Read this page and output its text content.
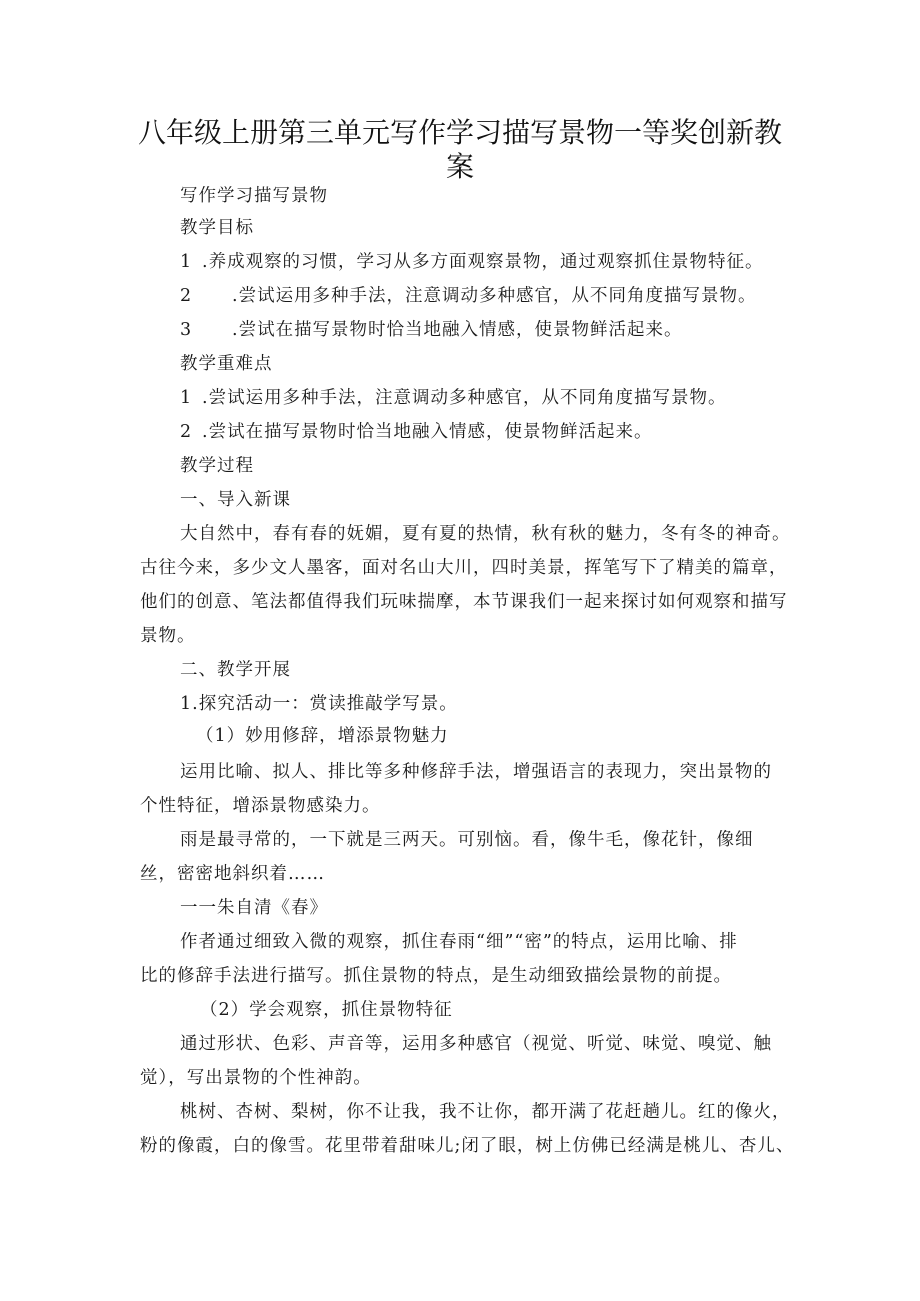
八年级上册第三单元写作学习描写景物一等奖创新教
案
写作学习描写景物
教学目标
1 .养成观察的习惯，学习从多方面观察景物，通过观察抓住景物特征。
2 .尝试运用多种手法，注意调动多种感官，从不同角度描写景物。
3 .尝试在描写景物时恰当地融入情感，使景物鲜活起来。
教学重难点
1 .尝试运用多种手法，注意调动多种感官，从不同角度描写景物。
2 .尝试在描写景物时恰当地融入情感，使景物鲜活起来。
教学过程
一、导入新课
大自然中，春有春的妩媚，夏有夏的热情，秋有秋的魅力，冬有冬的神奇。
古往今来，多少文人墨客，面对名山大川，四时美景，挥笔写下了精美的篇章，
他们的创意、笔法都值得我们玩味揣摩，本节课我们一起来探讨如何观察和描写
景物。
二、教学开展
1.探究活动一：赏读推敲学写景。
（1）妙用修辞，增添景物魅力
运用比喻、拟人、排比等多种修辞手法，增强语言的表现力，突出景物的
个性特征，增添景物感染力。
雨是最寻常的，一下就是三两天。可别恼。看，像牛毛，像花针，像细
丝，密密地斜织着……
一一朱自清《春》
作者通过细致入微的观察，抓住春雨“细”“密”的特点，运用比喻、排
比的修辞手法进行描写。抓住景物的特点，是生动细致描绘景物的前提。
（2）学会观察，抓住景物特征
通过形状、色彩、声音等，运用多种感官（视觉、听觉、味觉、嗅觉、触
觉），写出景物的个性神韵。
桃树、杏树、梨树，你不让我，我不让你，都开满了花赶趟儿。红的像火，
粉的像霞，白的像雪。花里带着甜味儿;闭了眼，树上仿佛已经满是桃儿、杏儿、
